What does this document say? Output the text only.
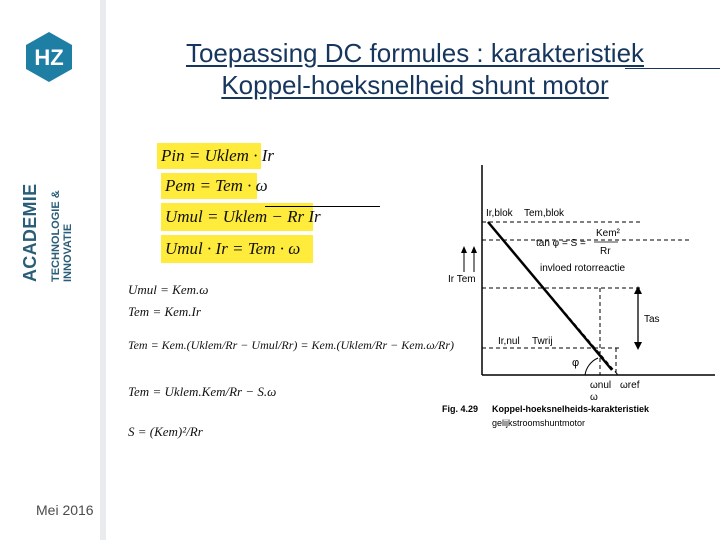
HZ
ACADEMIE TECHNOLOGIE & INNOVATIE
Toepassing DC formules : karakteristiek
Koppel-hoeksnelheid shunt motor
Pin = Uklem · Ir
Pem = Tem · ω
Umul = Uklem − Rr Ir
Umul · Ir = Tem · ω
Umul = Kem.ω
Tem = Kem.Ir
Tem = Kem.(Uklem/Rr − Umul/Rr) = Kem.(Uklem/Rr − Kem.ω/Rr)
Tem = Uklem.Kem/Rr − S.ω
S = (Kem)²/Rr
Ir,blok Tem,blok
tan φ = S =
Kem²
Rr
invloed rotorreactie
Ir Tem
Tas
Ir,nul Twrij
φ
ωnul ωref
ω
Fig. 4.29 Koppel-hoeksnelheids-karakteristiek
gelijkstroomshuntmotor
Mei 2016
